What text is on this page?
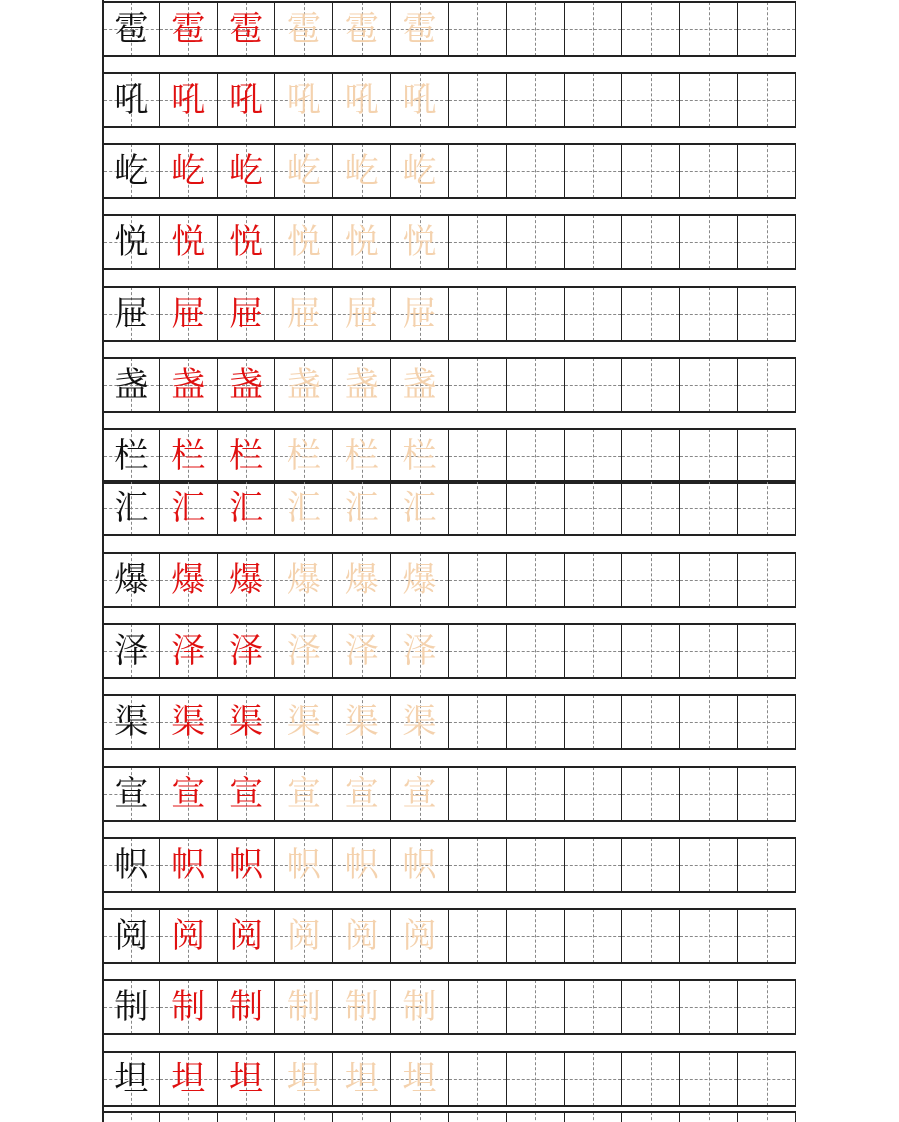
雹 雹 雹 雹 雹 雹
吼 吼 吼 吼 吼 吼
屹 屹 屹 屹 屹 屹
悦 悦 悦 悦 悦 悦
屉 屉 屉 屉 屉 屉
盏 盏 盏 盏 盏 盏
栏 栏 栏 栏 栏 栏
汇 汇 汇 汇 汇 汇
爆 爆 爆 爆 爆 爆
泽 泽 泽 泽 泽 泽
渠 渠 渠 渠 渠 渠
宣 宣 宣 宣 宣 宣
帜 帜 帜 帜 帜 帜
阅 阅 阅 阅 阅 阅
制 制 制 制 制 制
坦 坦 坦 坦 坦 坦
